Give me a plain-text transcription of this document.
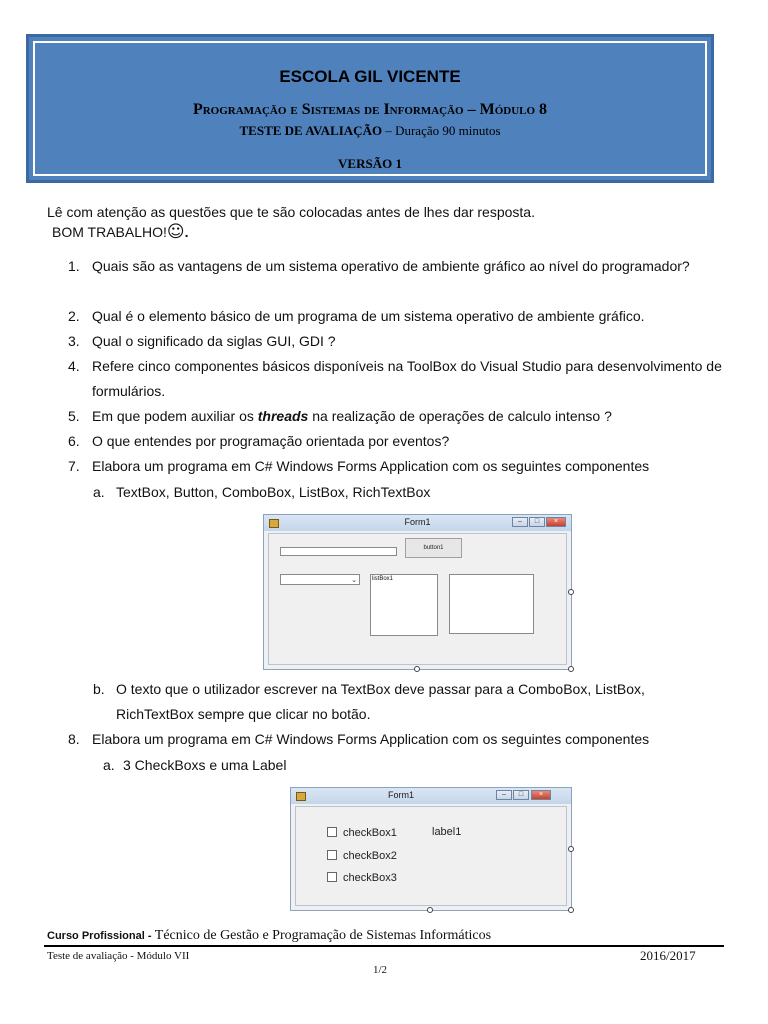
ESCOLA GIL VICENTE
Programação e Sistemas de Informação – Módulo 8
TESTE DE AVALIAÇÃO – Duração 90 minutos
VERSÃO 1
Lê com atenção as questões que te são colocadas antes de lhes dar resposta.
BOM TRABALHO!☺.
1. Quais são as vantagens de um sistema operativo de ambiente gráfico ao nível do programador?
2. Qual é o elemento básico de um programa de um sistema operativo de ambiente gráfico.
3. Qual o significado da siglas GUI, GDI ?
4. Refere cinco componentes básicos disponíveis na ToolBox do Visual Studio para desenvolvimento de formulários.
5. Em que podem auxiliar os threads na realização de operações de calculo intenso ?
6. O que entendes por programação orientada por eventos?
7. Elabora um programa em C# Windows Forms Application com os seguintes componentes
a. TextBox, Button, ComboBox, ListBox, RichTextBox
Form1	–	□	×
button1
⌄	listBox1
b. O texto que o utilizador escrever na TextBox deve passar para a ComboBox, ListBox, RichTextBox sempre que clicar no botão.
8. Elabora um programa em C# Windows Forms Application com os seguintes componentes
a. 3 CheckBoxs e uma Label
Form1	–	□	×
checkBox1
checkBox2
checkBox3
label1
Curso Profissional - Técnico de Gestão e Programação de Sistemas Informáticos
Teste de avaliação - Módulo VII	2016/2017
1/2
